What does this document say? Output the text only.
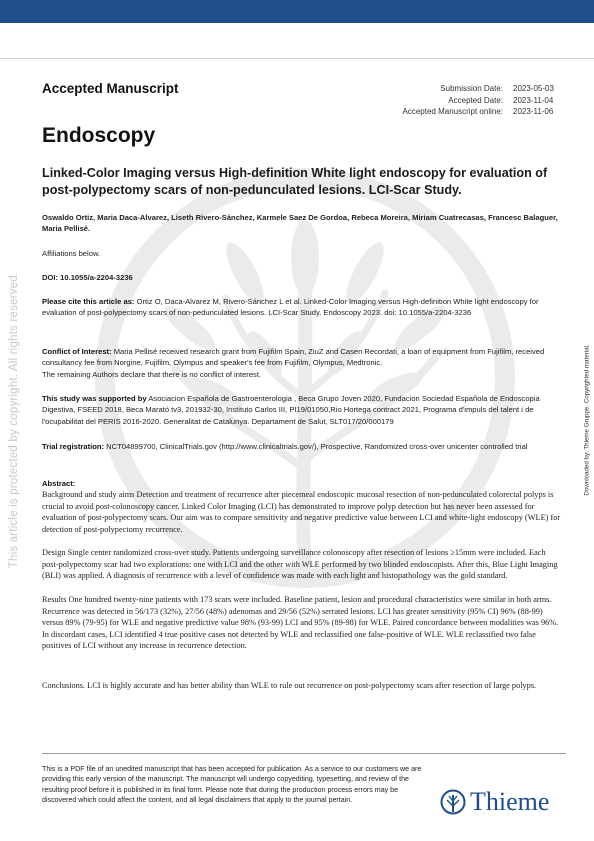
This article is protected by copyright. All rights reserved.	Downloaded by: Thieme Gruppe. Copyrighted material.
Accepted Manuscript	Submission Date:	2023-05-03
Accepted Date:	2023-11-04
Accepted Manuscript online:	2023-11-06
Endoscopy
Linked-Color Imaging versus High-definition White light endoscopy for evaluation of post-polypectomy scars of non-pedunculated lesions. LCI-Scar Study.
Oswaldo Ortiz, Maria Daca-Alvarez, Liseth Rivero-Sánchez, Karmele Saez De Gordoa, Rebeca Moreira, Miriam Cuatrecasas, Francesc Balaguer, Maria Pellisé.
Affiliations below.
DOI: 10.1055/a-2204-3236
Please cite this article as: Ortiz O, Daca-Alvarez M, Rivero-Sánchez L et al. Linked-Color Imaging versus High-definition White light endoscopy for evaluation of post-polypectomy scars of non-pedunculated lesions. LCI-Scar Study. Endoscopy 2023. doi: 10.1055/a-2204-3236
Conflict of Interest: Maria Pellisé received research grant from Fujifilm Spain, ZiuZ and Casen Recordati, a loan of equipment from Fujifilm, received consultancy fee from Norgine, Fujifilm, Olympus and speaker's fee from Fujifilm, Olympus, Medtronic.
The remaining Authors declare that there is no conflict of interest.
This study was supported by Asociacion Española de Gastroenterologia , Beca Grupo Joven 2020, Fundacion Sociedad Española de Endoscopia Digestiva, FSEED 2018, Beca Marató tv3, 201932-30, Instituto Carlos III, PI19/01050,Rio Hortega contract 2021, Programa d'impuls del talent i de l'ocupabilitat del PERIS 2016-2020. Generalitat de Catalunya. Departament de Salut, SLT017/20/000179
Trial registration: NCT04899700, ClinicalTrials.gov (http://www.clinicaltrials.gov/), Prospective, Randomized cross-over unicenter controlled trial
Abstract:
Background and study aims Detection and treatment of recurrence after piecemeal endoscopic mucosal resection of non-pedunculated colorectal polyps is crucial to avoid post-colonoscopy cancer. Linked Color Imaging (LCI) has demonstrated to improve polyp detection but has never been assessed for evaluation of post-polypectomy scars. Our aim was to compare sensitivity and negative predictive value between LCI and white-light endoscopy (WLE) for detection of post-polypectomy recurrence.
Design Single center randomized cross-over study. Patients undergoing surveillance colonoscopy after resection of lesions ≥15mm were included. Each post-polypectomy scar had two explorations: one with LCI and the other with WLE performed by two blinded endoscopists. After this, Blue Light Imaging (BLI) was applied. A diagnosis of recurrence with a level of confidence was made with each light and histopathology was the gold standard.
Results One hundred twenty-nine patients with 173 scars were included. Baseline patient, lesion and procedural characteristics were similar in both arms. Recurrence was detected in 56/173 (32%), 27/56 (48%) adenomas and 29/56 (52%) serrated lesions. LCI has greater sensitivity (95% CI) 96% (88-99) versus 89% (79-95) for WLE and negative predictive value 98% (93-99) LCI and 95% (89-98) for WLE. Paired concordance between modalities was 96%. In discordant cases, LCI identified 4 true positive cases not detected by WLE and reclassified one false-positive of WLE. WLE reclassified two false positives of LCI without any increase in recurrence detection.
Conclusions. LCI is highly accurate and has better ability than WLE to rule out recurrence on post-polypectomy scars after resection of large polyps.
This is a PDF file of an unedited manuscript that has been accepted for publication. As a service to our customers we are providing this early version of the manuscript. The manuscript will undergo copyediting, typesetting, and review of the resulting proof before it is published in its final form. Please note that during the production process errors may be discovered which could affect the content, and all legal disclaimers that apply to the journal pertain.	Thieme
